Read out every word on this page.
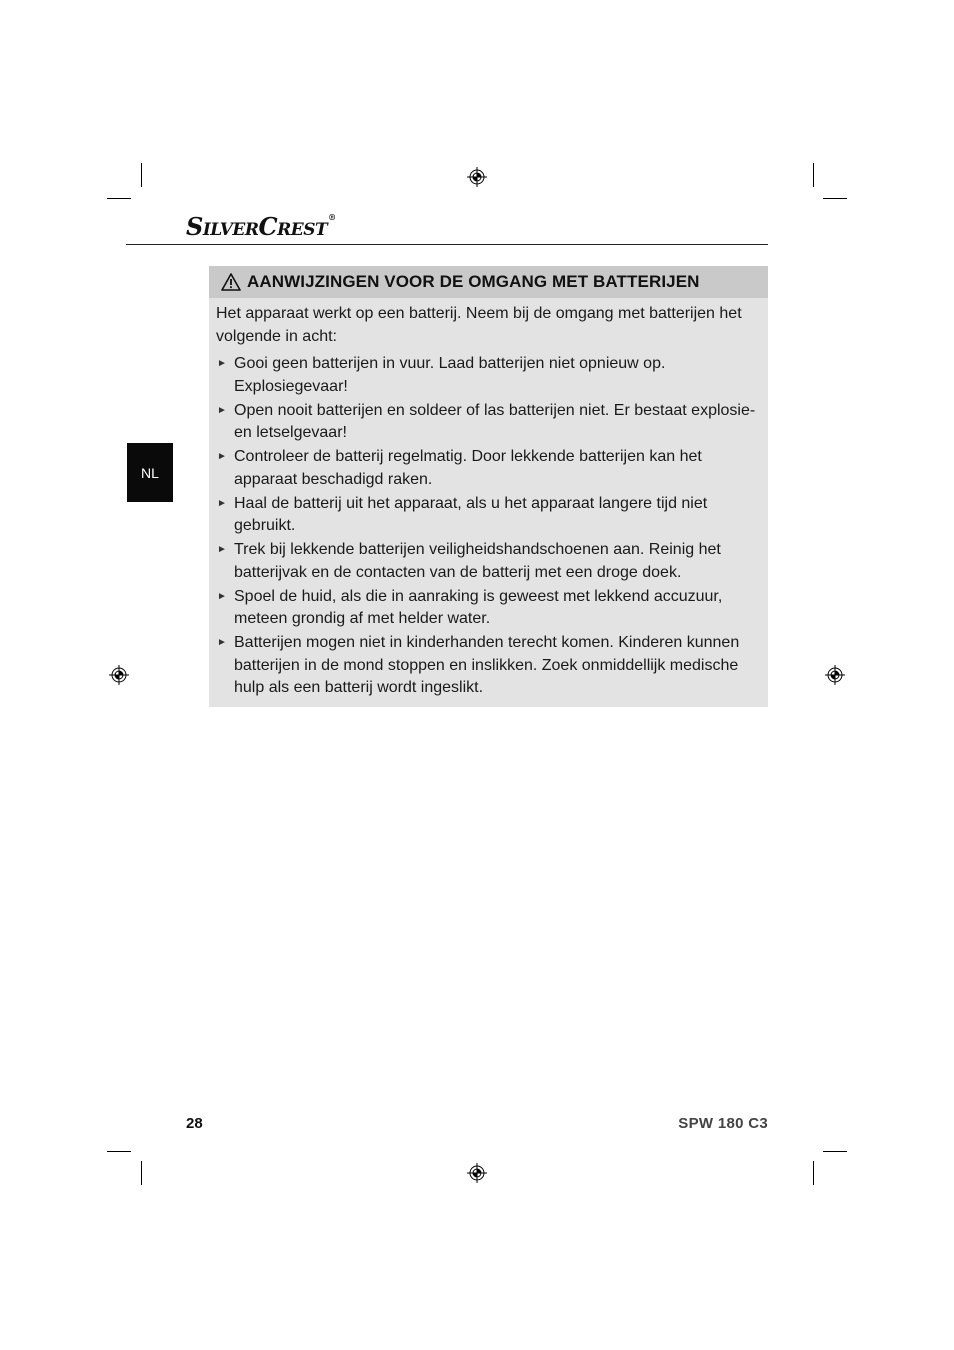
SILVERCREST®
NL
AANWIJZINGEN VOOR DE OMGANG MET BATTERIJEN

Het apparaat werkt op een batterij. Neem bij de omgang met batterijen het volgende in acht:

► Gooi geen batterijen in vuur. Laad batterijen niet opnieuw op. Explosiegevaar!
► Open nooit batterijen en soldeer of las batterijen niet. Er bestaat explosie- en letselgevaar!
► Controleer de batterij regelmatig. Door lekkende batterijen kan het apparaat beschadigd raken.
► Haal de batterij uit het apparaat, als u het apparaat langere tijd niet gebruikt.
► Trek bij lekkende batterijen veiligheidshandschoenen aan. Reinig het batterijvak en de contacten van de batterij met een droge doek.
► Spoel de huid, als die in aanraking is geweest met lekkend accuzuur, meteen grondig af met helder water.
► Batterijen mogen niet in kinderhanden terecht komen. Kinderen kunnen batterijen in de mond stoppen en inslikken. Zoek onmiddellijk medische hulp als een batterij wordt ingeslikt.
28	SPW 180 C3
